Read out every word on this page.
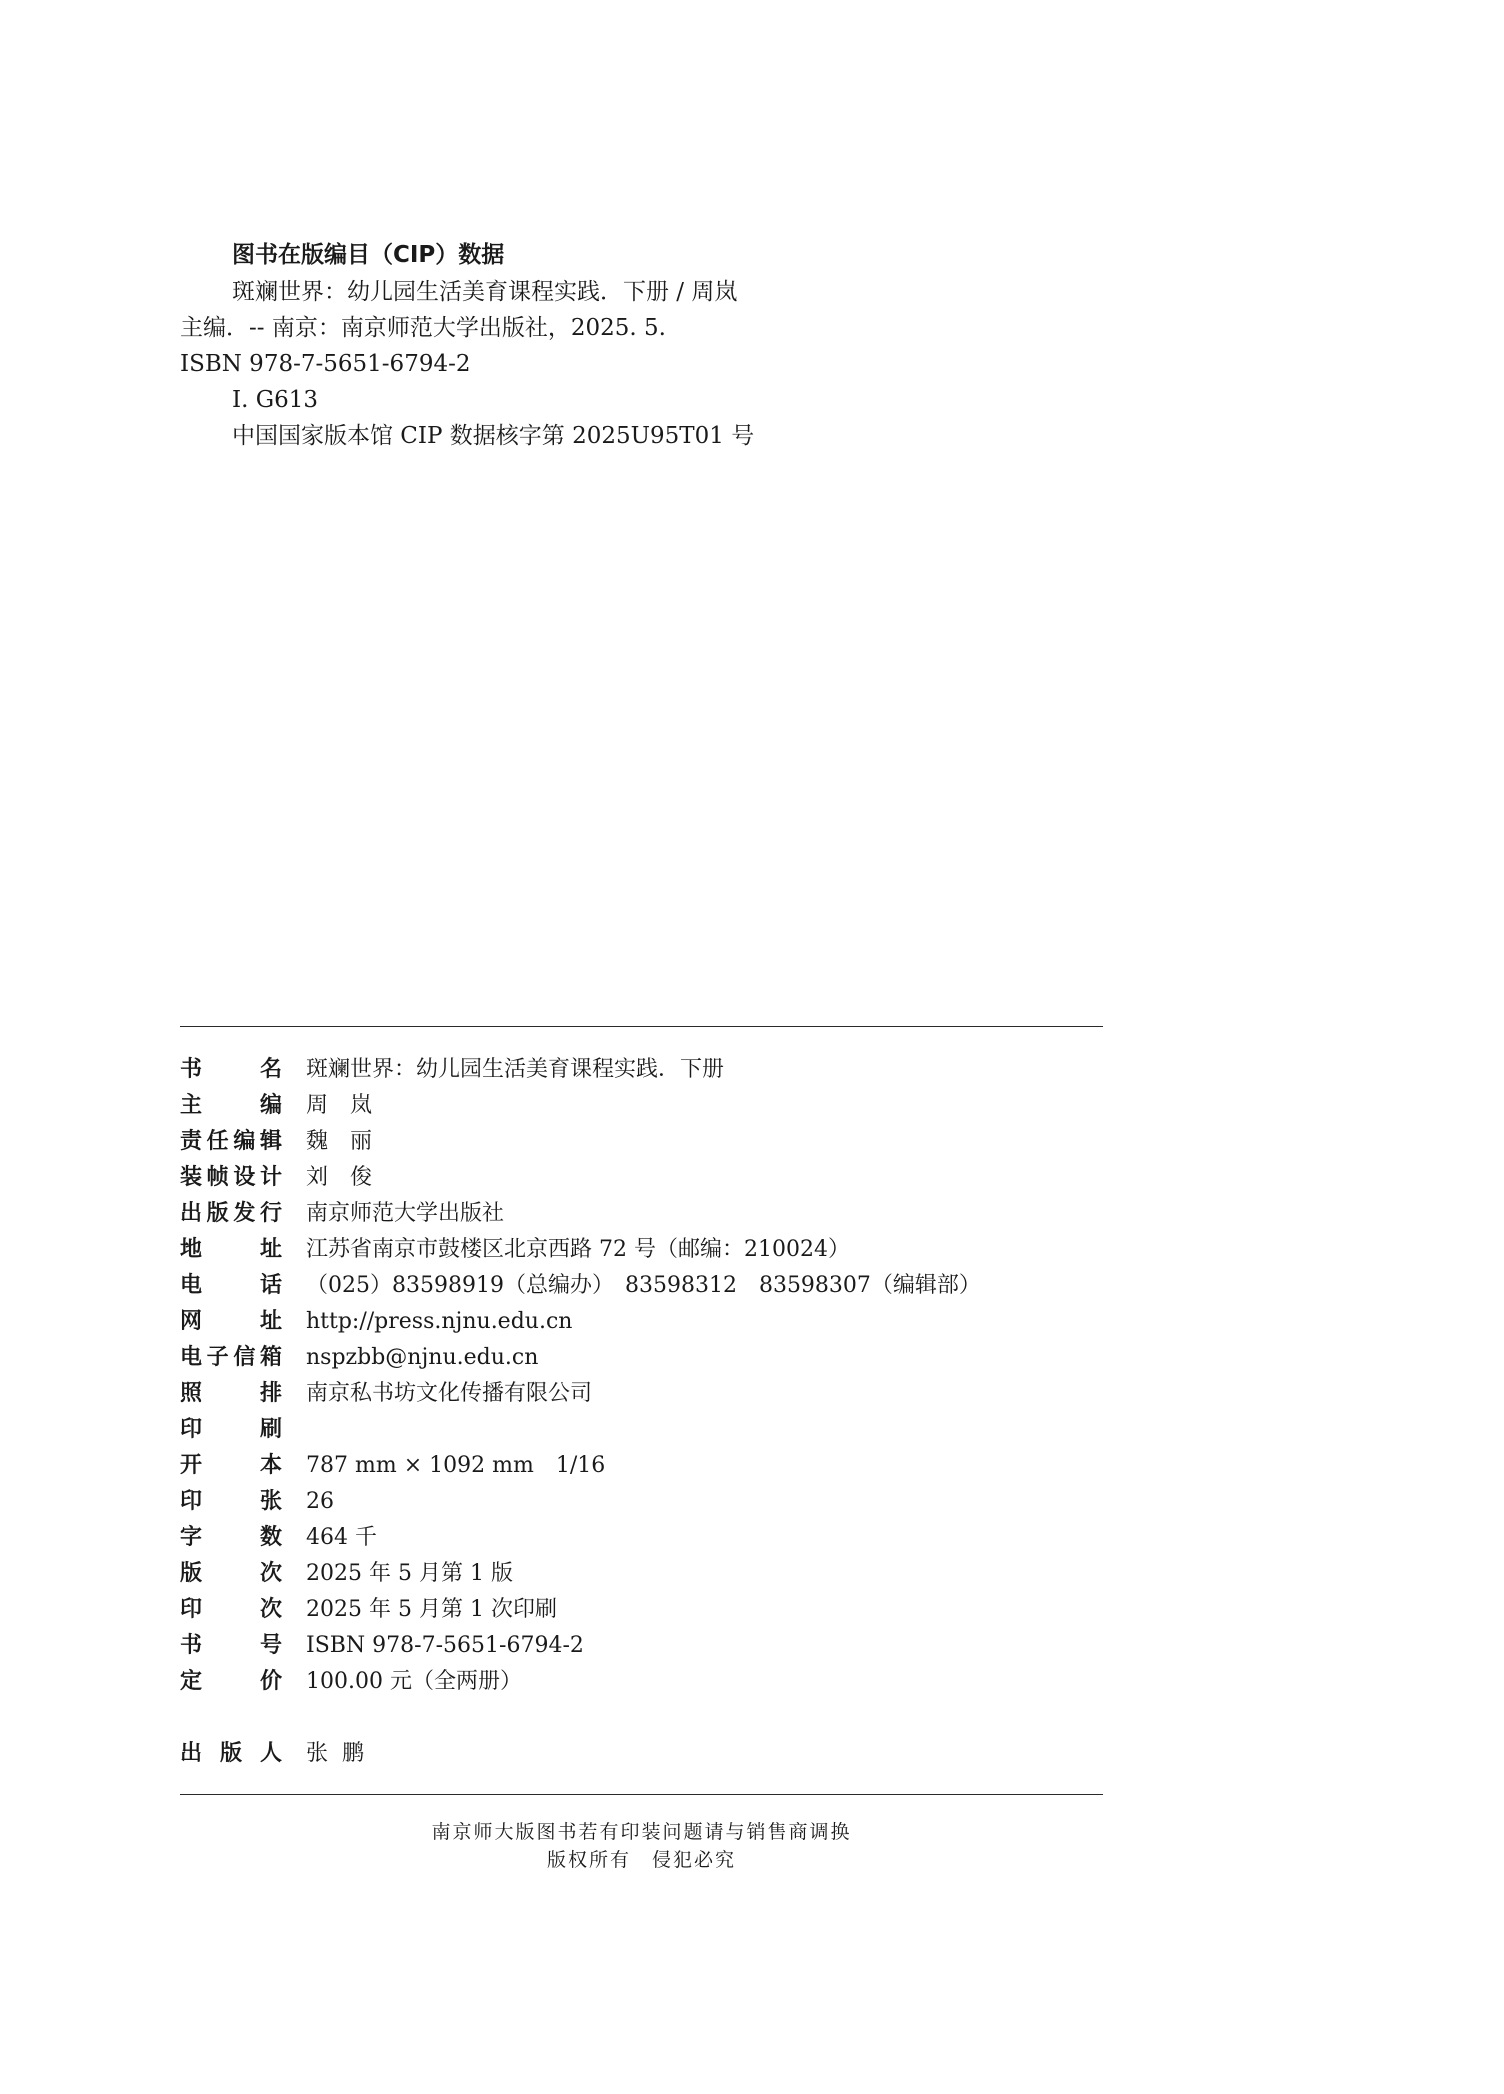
图书在版编目（CIP）数据
斑斓世界：幼儿园生活美育课程实践．下册 / 周岚
主编．-- 南京：南京师范大学出版社，2025. 5.
ISBN 978-7-5651-6794-2
Ⅰ. G613
中国国家版本馆 CIP 数据核字第 2025U95T01 号
书	名 斑斓世界：幼儿园生活美育课程实践．下册
主	编 周　岚
责 任 编 辑 魏　丽
装 帧 设 计 刘　俊
出 版 发 行 南京师范大学出版社
地	址 江苏省南京市鼓楼区北京西路 72 号（邮编：210024）
电	话 （025）83598919（总编办）　83598312　83598307（编辑部）
网	址 http://press.njnu.edu.cn
电 子 信 箱 nspzbb@njnu.edu.cn
照	排 南京私书坊文化传播有限公司
印	刷
开	本 787 mm × 1092 mm　1/16
印	张 26
字	数 464 千
版	次 2025 年 5 月第 1 版
印	次 2025 年 5 月第 1 次印刷
书	号 ISBN 978-7-5651-6794-2
定	价 100.00 元（全两册）
出 版 人 张鹏
南京师大版图书若有印装问题请与销售商调换
版权所有　侵犯必究
